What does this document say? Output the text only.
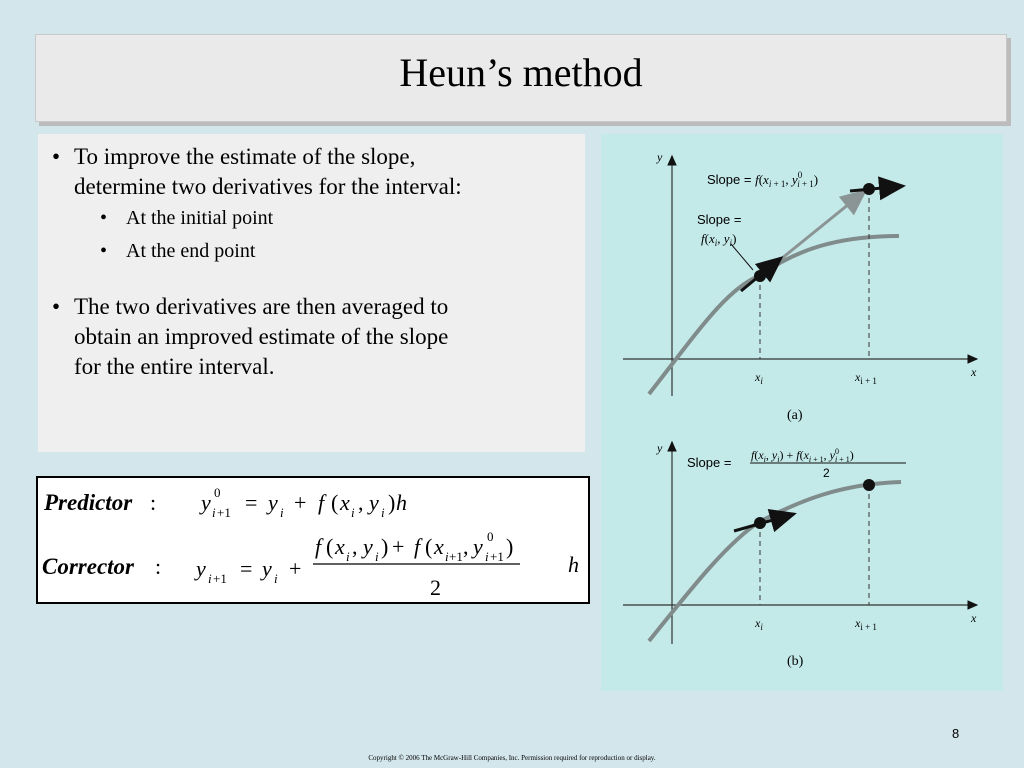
Heun’s method
• To improve the estimate of the slope,
determine two derivatives for the interval:
• At the initial point
• At the end point
• The two derivatives are then averaged to
obtain an improved estimate of the slope
for the entire interval.
Predictor : y i +1
0 = y i + f ( x i , y i ) h
Corrector : y i +1 = y i +
f ( x i , y i ) + f ( x i +1 , y i +1
0 )
2
h
y
x
Slope = $f(x_{i + 1}$, $y^0$ i + 1)
Slope =
$f(x_i$, $y_i$)
$x_i$	$x_{i + 1}$
(a)
y
x
Slope = $f(x_i$, $y_i) + f(x_{i + 1}$, $y^0$ i + 1)
2
$x_i$	$x_{i + 1}$
(b)
8
Copyright © 2006 The McGraw-Hill Companies, Inc. Permission required for reproduction or display.
